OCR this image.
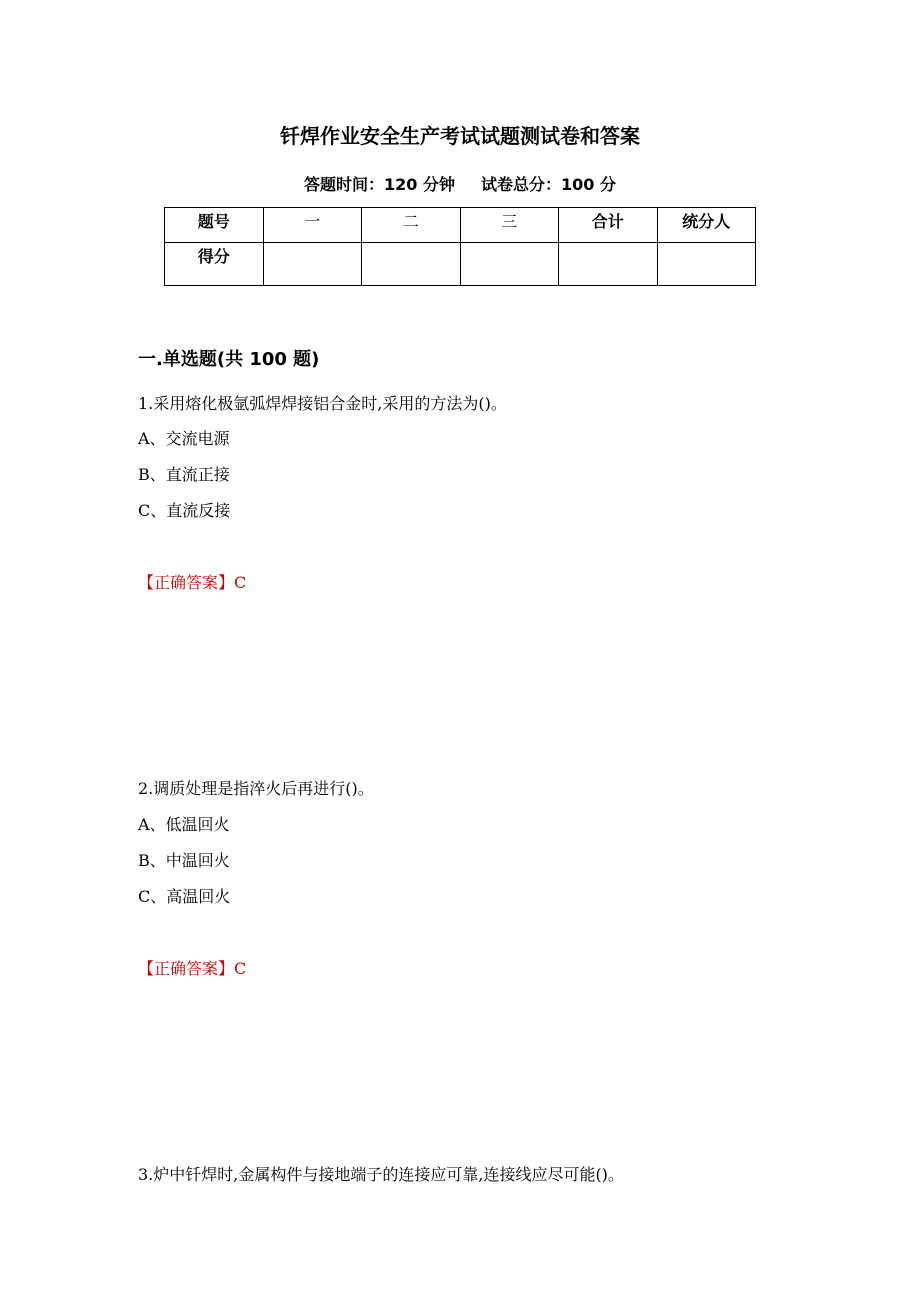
钎焊作业安全生产考试试题测试卷和答案
答题时间：120 分钟 试卷总分：100 分
题号	一	二	三	合计	统分人
得分					
一.单选题(共 100 题)
1.采用熔化极氩弧焊焊接铝合金时,采用的方法为()。
A、交流电源
B、直流正接
C、直流反接
【正确答案】C
2.调质处理是指淬火后再进行()。
A、低温回火
B、中温回火
C、高温回火
【正确答案】C
3.炉中钎焊时,金属构件与接地端子的连接应可靠,连接线应尽可能()。
